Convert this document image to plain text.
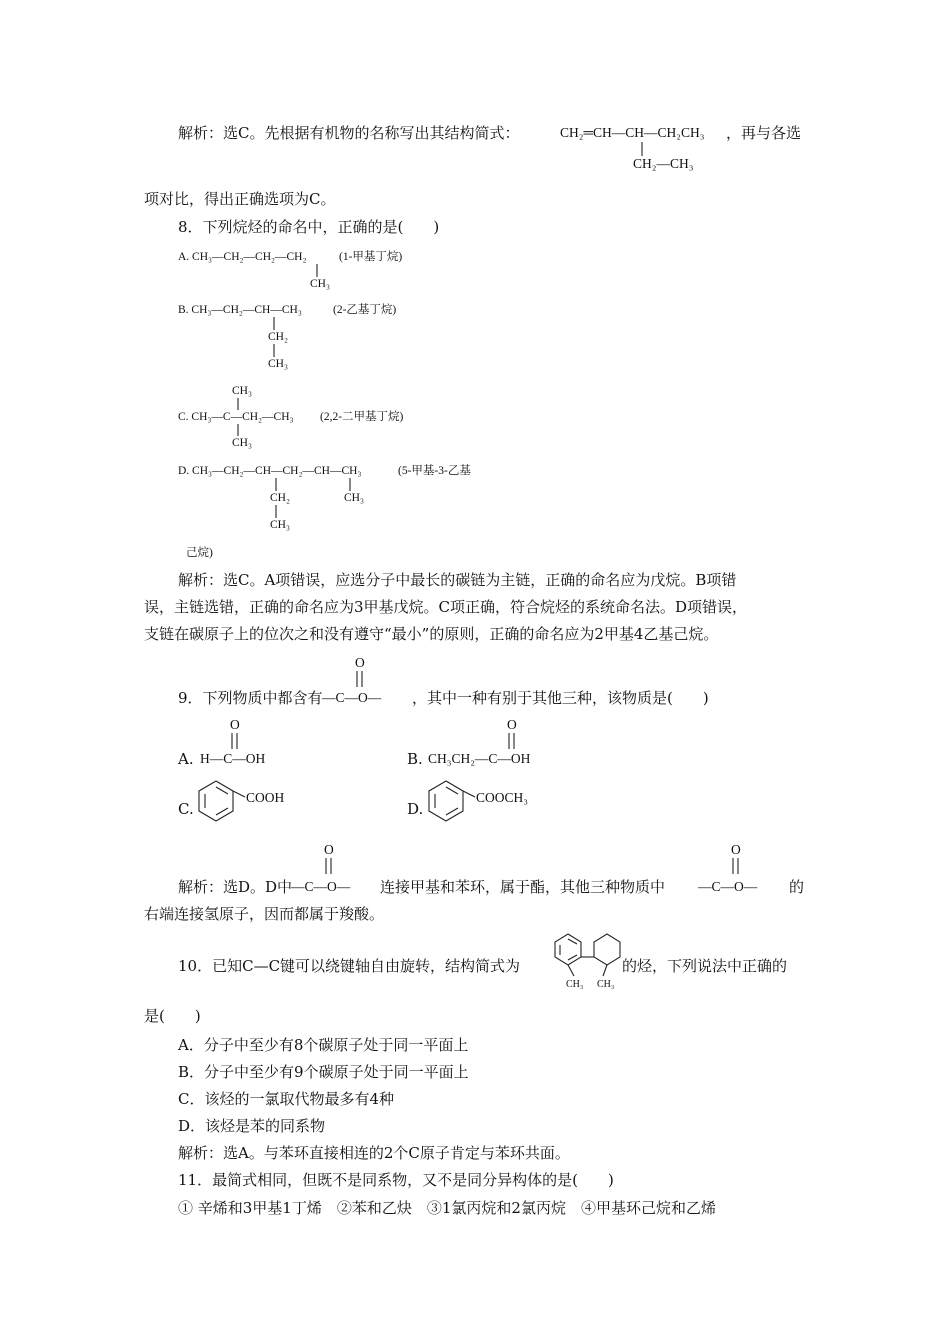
解析：选C。先根据有机物的名称写出其结构简式：	CH₂═CH—CH—CH₂CH₃ ，再与各选
CH₂—CH₃
项对比，得出正确选项为C。
8．下列烷烃的命名中，正确的是(　　)
A. CH₃—CH₂—CH₂—CH₂	(1-甲基丁烷)
CH₃
B. CH₃—CH₂—CH—CH₃	(2-乙基丁烷)
CH₂
CH₃
CH₃
C. CH₃—C—CH₂—CH₃ (2,2-二甲基丁烷)
CH₃
D. CH₃—CH₂—CH—CH₂—CH—CH₃	(5-甲基-3-乙基
CH₃
CH₂
CH₃
己烷)
解析：选C。A项错误，应选分子中最长的碳链为主链，正确的命名应为戊烷。B项错
误，主链选错，正确的命名应为3甲基戊烷。C项正确，符合烷烃的系统命名法。D项错误，
支链在碳原子上的位次之和没有遵守“最小”的原则，正确的命名应为2甲基4乙基己烷。
O
9．下列物质中都含有 —C—O— ，其中一种有别于其他三种，该物质是(　　)
O
A. H—C—OH
O
B. CH₃CH₂—C—OH
C.
COOH
D.
COOCH₃
O
解析：选D。D中
—C—O— 连接甲基和苯环，属于酯，其他三种物质中
O
—C—O— 的
右端连接氢原子，因而都属于羧酸。
10．已知C—C键可以绕键轴自由旋转，结构简式为
CH₃ CH₃
的烃，下列说法中正确的
是(　　)
A．分子中至少有8个碳原子处于同一平面上
B．分子中至少有9个碳原子处于同一平面上
C．该烃的一氯取代物最多有4种
D．该烃是苯的同系物
解析：选A。与苯环直接相连的2个C原子肯定与苯环共面。
11．最简式相同，但既不是同系物，又不是同分异构体的是(　　)
① 辛烯和3甲基1丁烯　②苯和乙炔　③1氯丙烷和2氯丙烷　④甲基环己烷和乙烯
